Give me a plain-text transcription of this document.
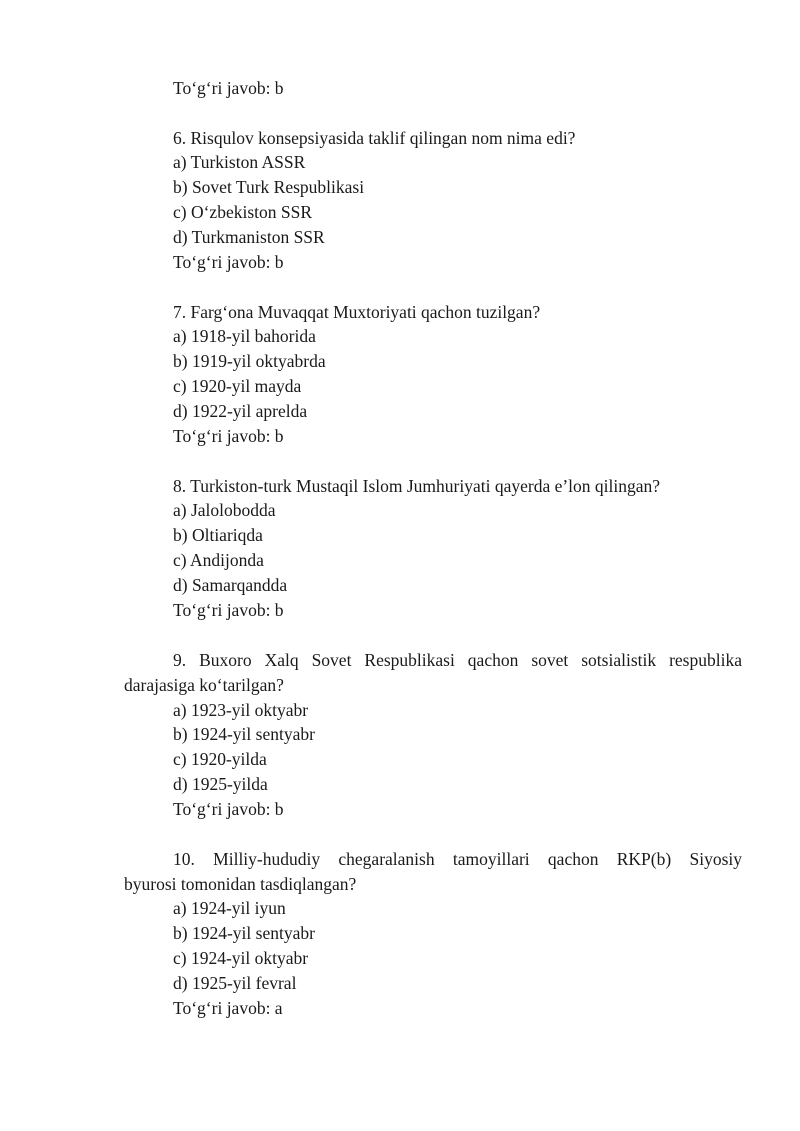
To‘g‘ri javob: b
6. Risqulov konsepsiyasida taklif qilingan nom nima edi?
a) Turkiston ASSR
b) Sovet Turk Respublikasi
c) O‘zbekiston SSR
d) Turkmaniston SSR
To‘g‘ri javob: b
7. Farg‘ona Muvaqqat Muxtoriyati qachon tuzilgan?
a) 1918-yil bahorida
b) 1919-yil oktyabrda
c) 1920-yil mayda
d) 1922-yil aprelda
To‘g‘ri javob: b
8. Turkiston-turk Mustaqil Islom Jumhuriyati qayerda e’lon qilingan?
a) Jalolobodda
b) Oltiariqda
c) Andijonda
d) Samarqandda
To‘g‘ri javob: b
9. Buxoro Xalq Sovet Respublikasi qachon sovet sotsialistik respublika
darajasiga ko‘tarilgan?
a) 1923-yil oktyabr
b) 1924-yil sentyabr
c) 1920-yilda
d) 1925-yilda
To‘g‘ri javob: b
10. Milliy-hududiy chegaralanish tamoyillari qachon RKP(b) Siyosiy
byurosi tomonidan tasdiqlangan?
a) 1924-yil iyun
b) 1924-yil sentyabr
c) 1924-yil oktyabr
d) 1925-yil fevral
To‘g‘ri javob: a
